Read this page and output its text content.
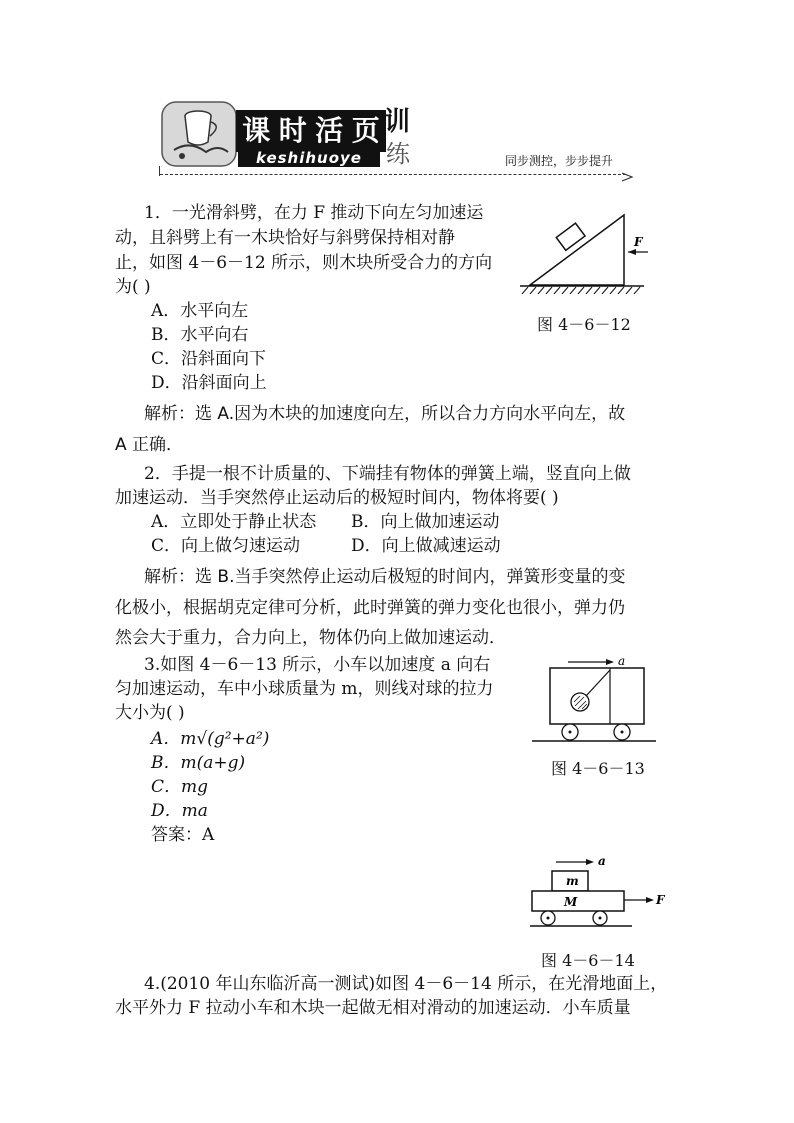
课 时 活 页
keshihuoye
训
练	同步测控，步步提升
1．一光滑斜劈，在力 F 推动下向左匀加速运
动，且斜劈上有一木块恰好与斜劈保持相对静
止，如图 4－6－12 所示，则木块所受合力的方向
为( )
A．水平向左
B．水平向右
C．沿斜面向下
D．沿斜面向上
F
图 4－6－12
解析：选 A.因为木块的加速度向左，所以合力方向水平向左，故
A 正确．
2．手提一根不计质量的、下端挂有物体的弹簧上端，竖直向上做
加速运动．当手突然停止运动后的极短时间内，物体将要( )
A．立即处于静止状态 B．向上做加速运动
C．向上做匀速运动	D．向上做减速运动
解析：选 B.当手突然停止运动后极短的时间内，弹簧形变量的变
化极小，根据胡克定律可分析，此时弹簧的弹力变化也很小，弹力仍
然会大于重力，合力向上，物体仍向上做加速运动．
3.如图 4－6－13 所示，小车以加速度 a 向右
匀加速运动，车中小球质量为 m，则线对球的拉力
大小为( )
A．m√(g²+a²)
B．m(a+g)
C．mg
D．ma
答案：A
a
图 4－6－13
a
m
M	F
图 4－6－14
4.(2010 年山东临沂高一测试)如图 4－6－14 所示，在光滑地面上，
水平外力 F 拉动小车和木块一起做无相对滑动的加速运动．小车质量
